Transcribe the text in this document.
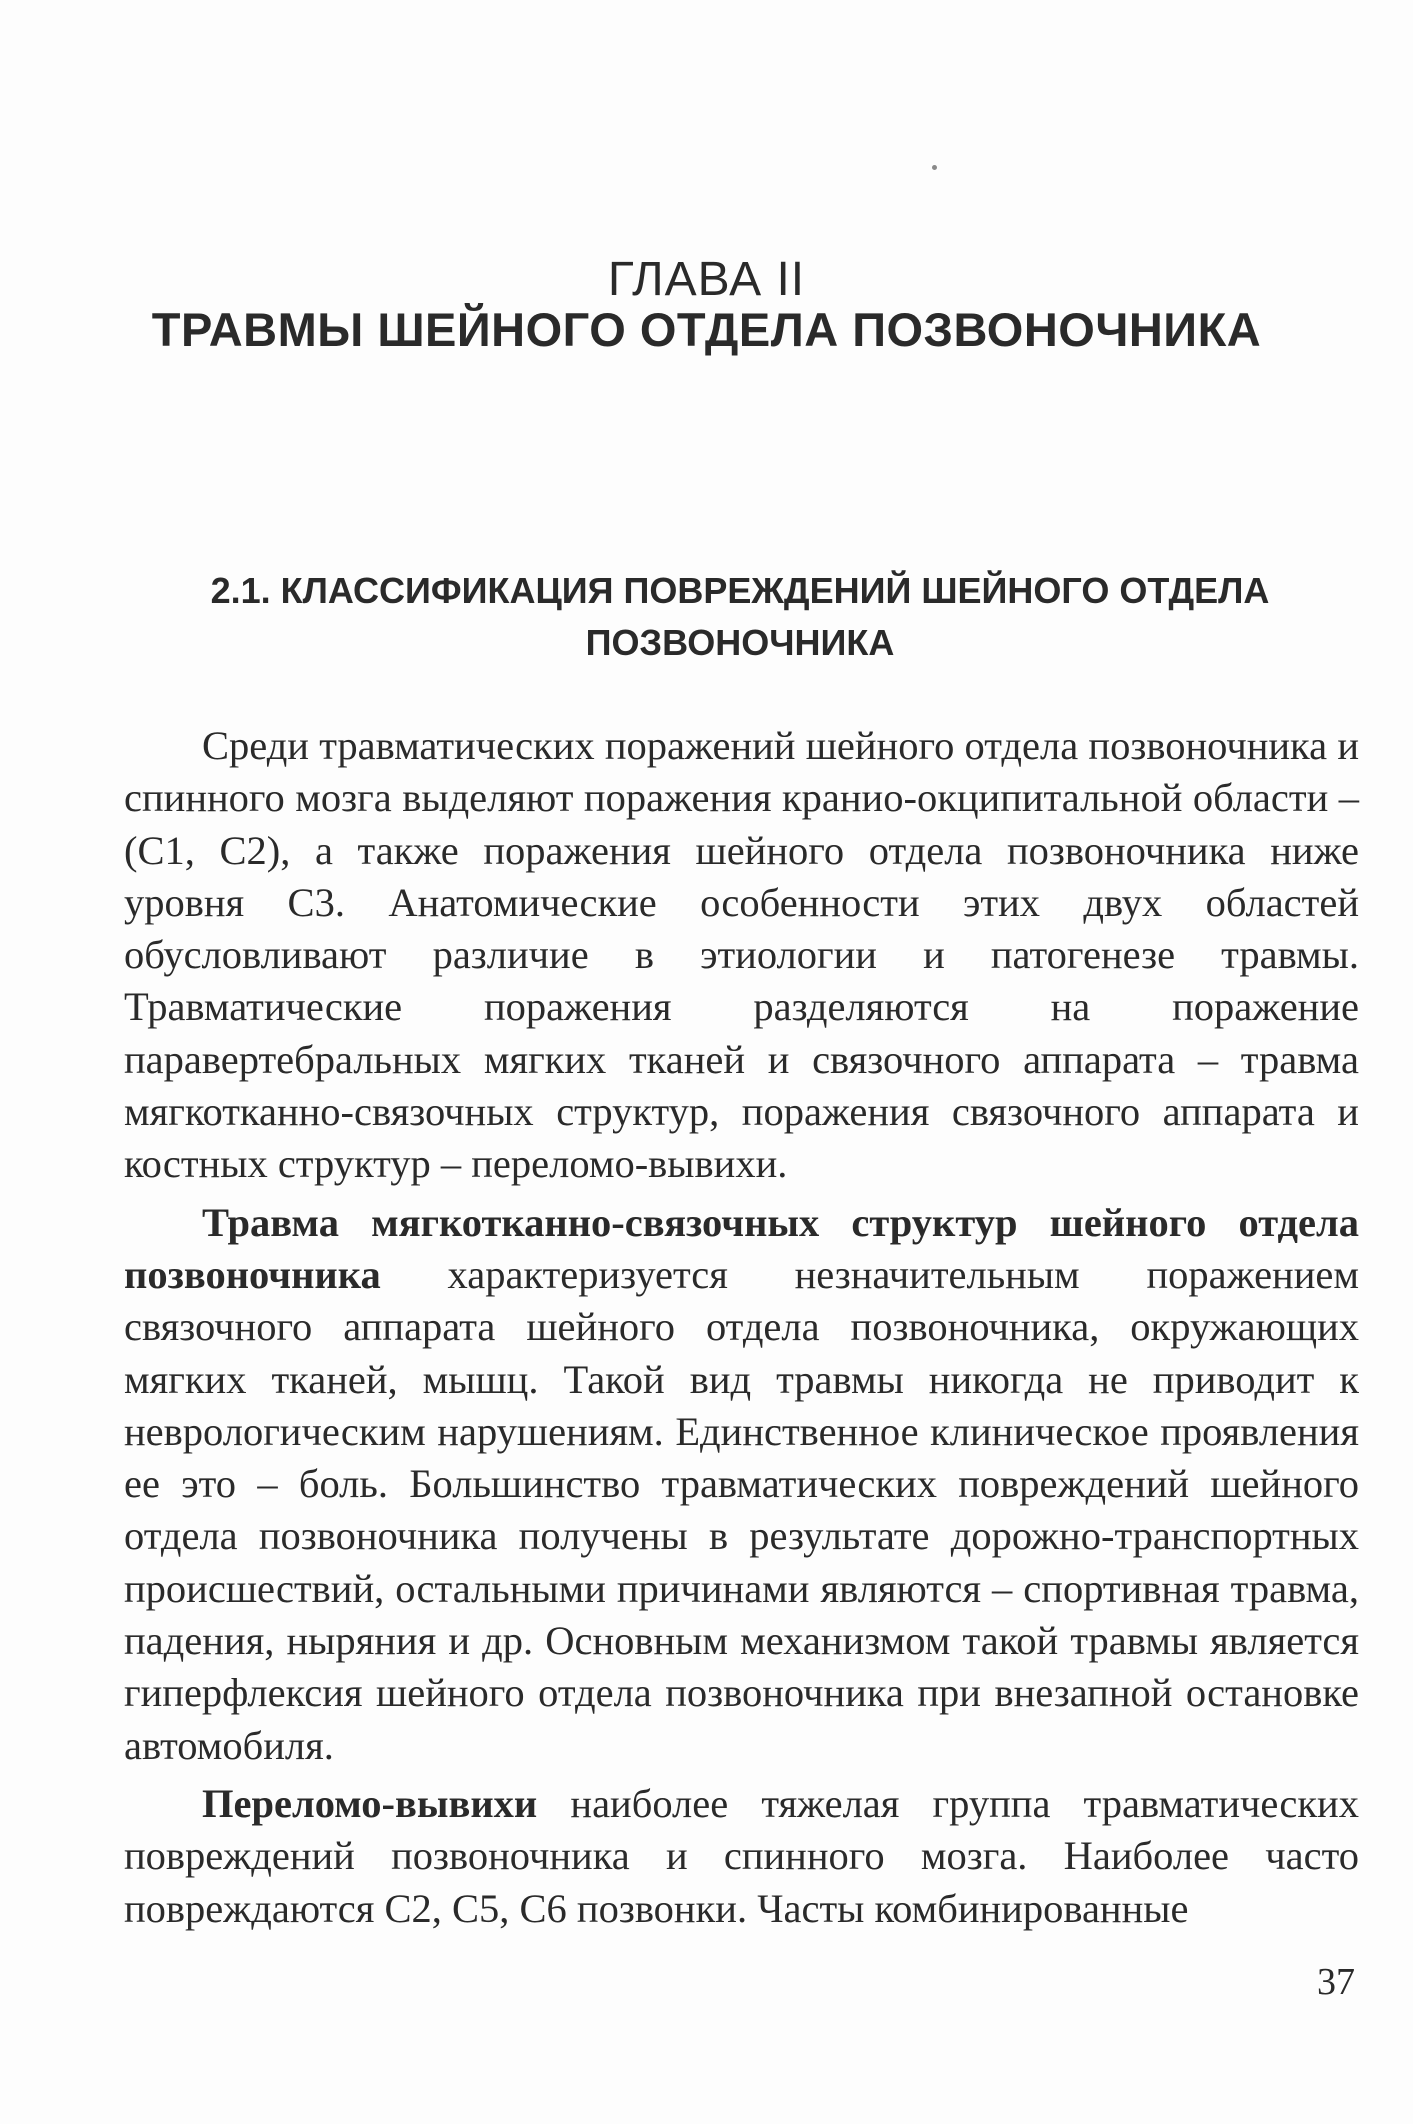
ГЛАВА II
ТРАВМЫ ШЕЙНОГО ОТДЕЛА ПОЗВОНОЧНИКА
2.1. КЛАССИФИКАЦИЯ ПОВРЕЖДЕНИЙ ШЕЙНОГО ОТДЕЛА
ПОЗВОНОЧНИКА

Среди травматических поражений шейного отдела позвоночника и спинного мозга выделяют поражения кранио-окципитальной области – (С1, С2), а также поражения шейного отдела позвоночника ниже уровня С3. Анатомические особенности этих двух областей обусловливают различие в этиологии и патогенезе травмы. Травматические поражения разделяются на поражение паравертебральных мягких тканей и связочного аппарата – травма мягкотканно-связочных структур, поражения связочного аппарата и костных структур – переломо-вывихи.

Травма мягкотканно-связочных структур шейного отдела позвоночника характеризуется незначительным поражением связочного аппарата шейного отдела позвоночника, окружающих мягких тканей, мышц. Такой вид травмы никогда не приводит к неврологическим нарушениям. Единственное клиническое проявления ее это – боль. Большинство травматических повреждений шейного отдела позвоночника получены в результате дорожно-транспортных происшествий, остальными причинами являются – спортивная травма, падения, ныряния и др. Основным механизмом такой травмы является гиперфлексия шейного отдела позвоночника при внезапной остановке автомобиля.

Переломо-вывихи наиболее тяжелая группа травматических повреждений позвоночника и спинного мозга. Наиболее часто повреждаются С2, С5, С6 позвонки. Часты комбинированные

37
